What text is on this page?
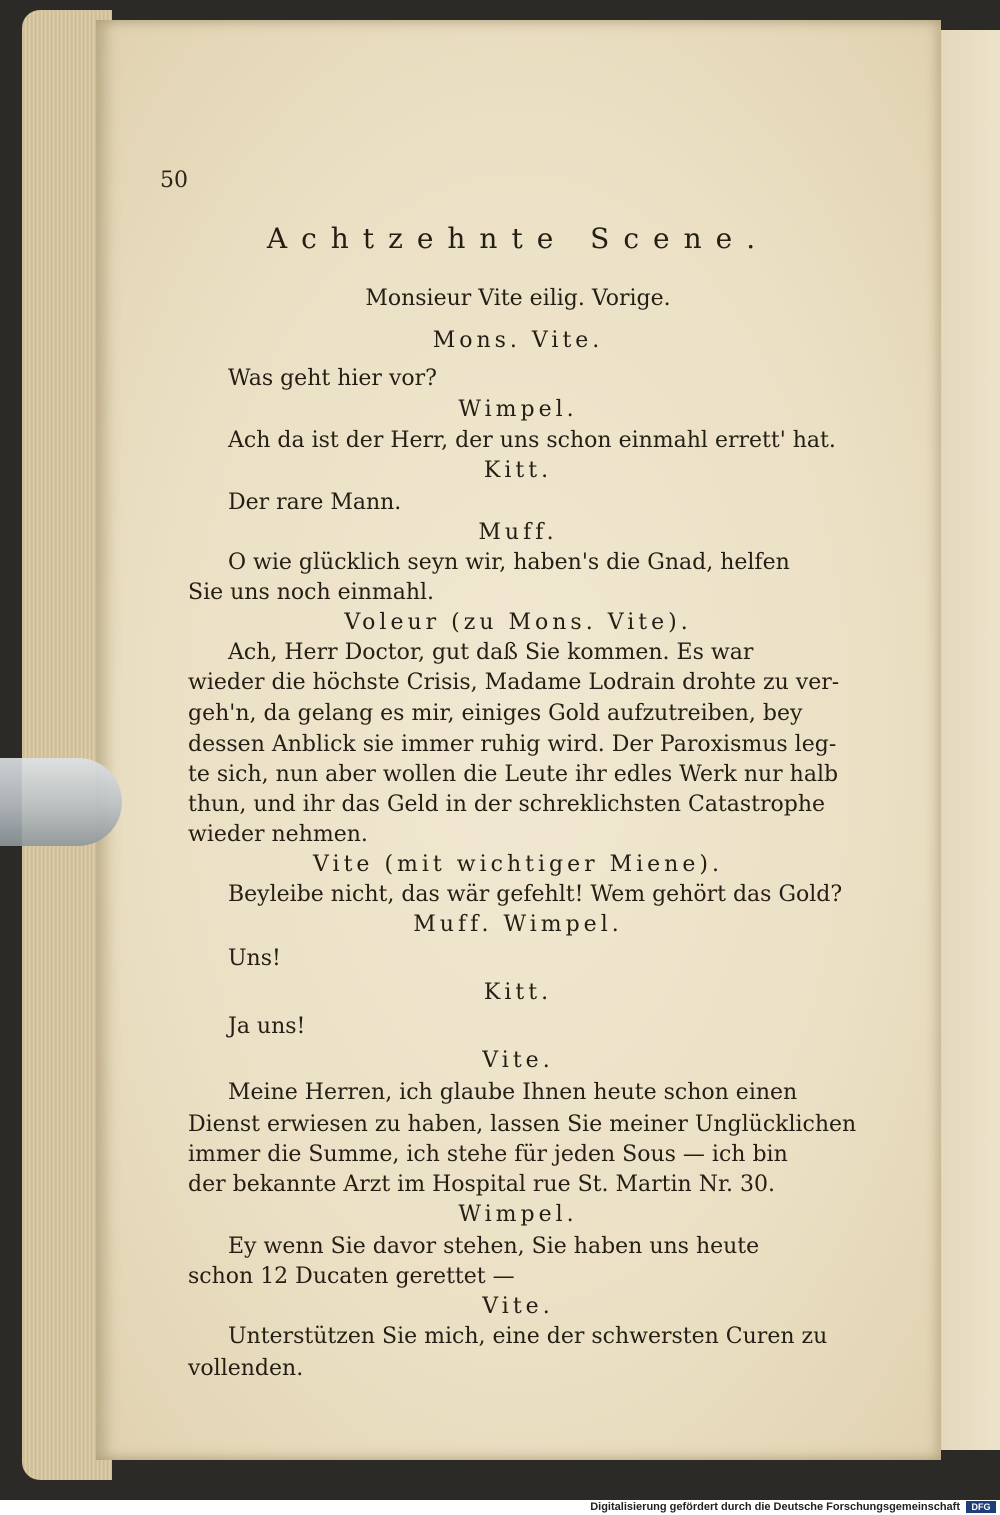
50
Achtzehnte Scene.
Monsieur Vite eilig. Vorige.
Mons. Vite.
Was geht hier vor?
Wimpel.
Ach da ist der Herr, der uns schon einmahl errett' hat.
Kitt.
Der rare Mann.
Muff.
O wie glücklich seyn wir, haben's die Gnad, helfen
Sie uns noch einmahl.
Voleur (zu Mons. Vite).
Ach, Herr Doctor, gut daß Sie kommen. Es war
wieder die höchste Crisis, Madame Lodrain drohte zu ver-
geh'n, da gelang es mir, einiges Gold aufzutreiben, bey
dessen Anblick sie immer ruhig wird. Der Paroxismus leg-
te sich, nun aber wollen die Leute ihr edles Werk nur halb
thun, und ihr das Geld in der schreklichsten Catastrophe
wieder nehmen.
Vite (mit wichtiger Miene).
Beyleibe nicht, das wär gefehlt! Wem gehört das Gold?
Muff. Wimpel.
Uns!
Kitt.
Ja uns!
Vite.
Meine Herren, ich glaube Ihnen heute schon einen
Dienst erwiesen zu haben, lassen Sie meiner Unglücklichen
immer die Summe, ich stehe für jeden Sous — ich bin
der bekannte Arzt im Hospital rue St. Martin Nr. 30.
Wimpel.
Ey wenn Sie davor stehen, Sie haben uns heute
schon 12 Ducaten gerettet —
Vite.
Unterstützen Sie mich, eine der schwersten Curen zu
vollenden.
Digitalisierung gefördert durch die Deutsche Forschungsgemeinschaft	DFG
